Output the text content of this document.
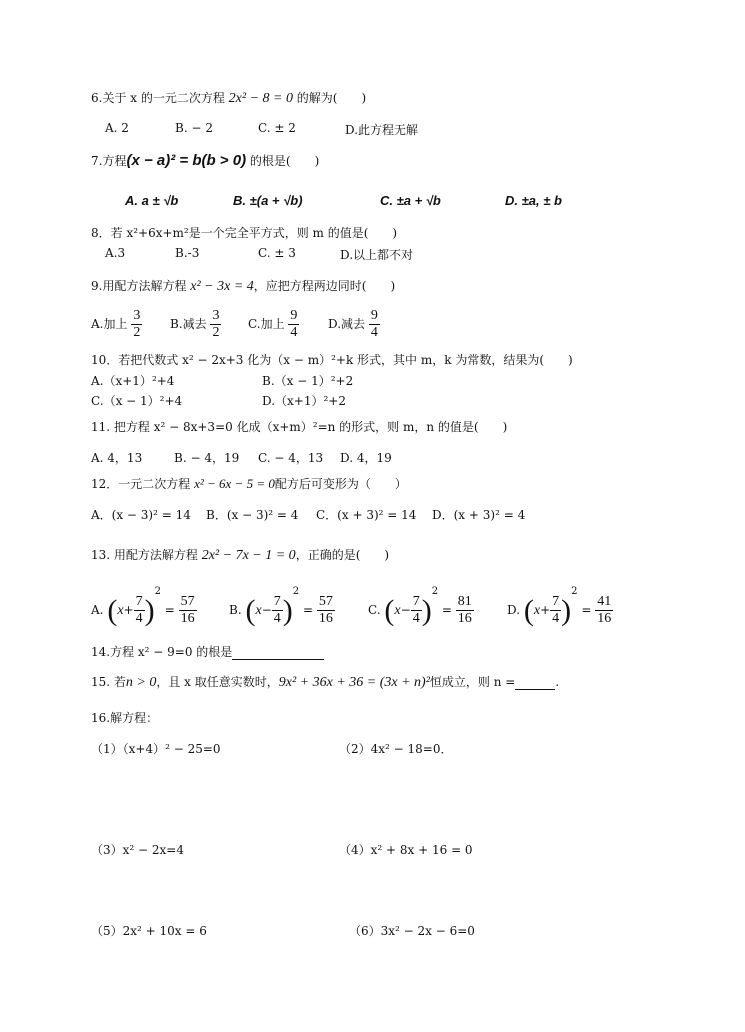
6.关于 x 的一元二次方程 2x² − 8 = 0 的解为(　　)
A. 2	B. − 2	C. ± 2	D.此方程无解
7.方程(x − a)² = b(b > 0) 的根是(　　)
A. a ± √b	B. ±(a + √b)	C. ±a + √b	D. ±a, ± b
8．若 x²+6x+m²是一个完全平方式，则 m 的值是(　　)
A.3	B.-3	C. ± 3	D.以上都不对
9.用配方法解方程 x² − 3x = 4，应把方程两边同时(　　)
A.加上 $\frac{3}{2} B$.减去 $\frac{3}{2} C$.加上 $\frac{9}{4} D$.减去 $\frac{9}{4}$
10．若把代数式 x² − 2x+3 化为（x − m）²+k 形式，其中 m，k 为常数，结果为(　　)
A.（x+1）²+4	B.（x − 1）²+2
C.（x − 1）²+4	D.（x+1）²+2
11. 把方程 x² − 8x+3=0 化成（x+m）²=n 的形式，则 m，n 的值是(　　)
A. 4，13	B. − 4，19 C. − 4，13 D. 4，19
12．一元二次方程 x² − 6x − 5 = 0配方后可变形为（　　）
A．(x − 3)² = 14 B．(x − 3)² = 4 C．(x + 3)² = 14 D．(x + 3)² = 4
13. 用配方法解方程 2x² − 7x − 1 = 0，正确的是(　　)
A. $(x+ \frac{7}{4} )^2 = \frac{57}{16}$	B. $(x- \frac{7}{4} )^2 = \frac{57}{16}$	C. $(x- \frac{7}{4} )^2 = \frac{81}{16}$	D. $(x+ \frac{7}{4} )^2 = \frac{41}{16}$
14.方程 x² − 9=0 的根是
15. 若n > 0，且 x 取任意实数时，9x² + 36x + 36 = (3x + n)²恒成立，则 n =	.
16.解方程：
（1）（x+4）² − 25=0	（2）4x² − 18=0．
（3）x² − 2x=4	（4）x² + 8x + 16 = 0
（5）2x² + 10x = 6	（6）3x² − 2x − 6=0
